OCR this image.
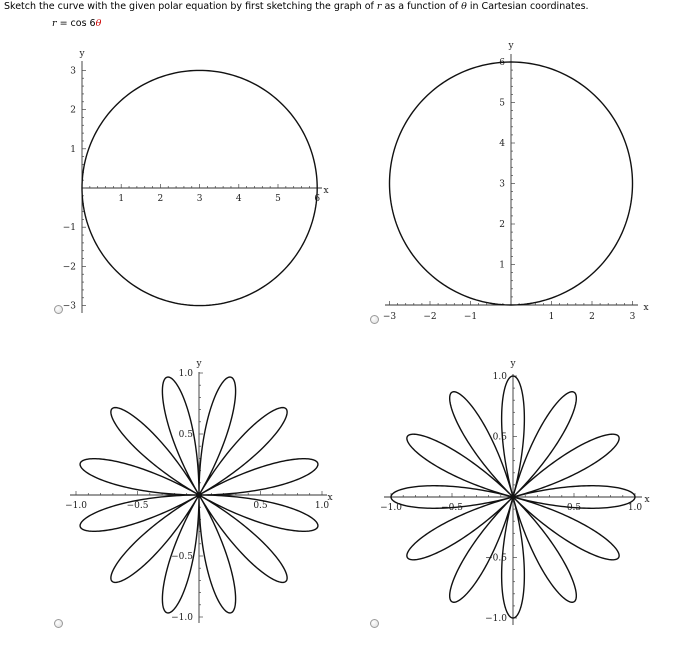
Sketch the curve with the given polar equation by first sketching the graph of r as a function of θ in Cartesian coordinates.
r = cos 6θ
1	2	3	4	5	6
3
2
1
−1
−2
−3
x
y
−3	−2	−1	1	2	3
1
2
3
4
5
6
x
y
−1.0	−0.5	0.5	1.0
1.0
0.5
−0.5
−1.0
x
y
−1.0	−0.5	0.5	1.0
1.0
0.5
−0.5
−1.0
x
y
